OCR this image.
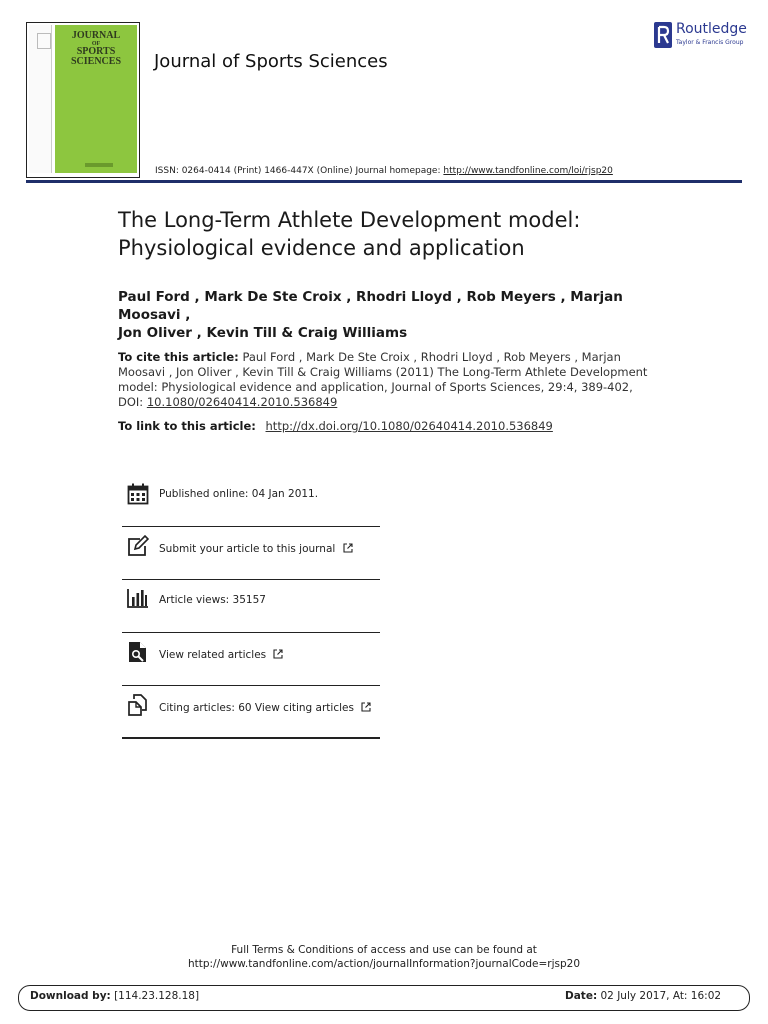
JOURNAL
OF
SPORTS
SCIENCES	Journal of Sports Sciences
ISSN: 0264-0414 (Print) 1466-447X (Online) Journal homepage: http://www.tandfonline.com/loi/rjsp20
Routledge
Taylor & Francis Group
The Long-Term Athlete Development model:
Physiological evidence and application
Paul Ford , Mark De Ste Croix , Rhodri Lloyd , Rob Meyers , Marjan Moosavi ,
Jon Oliver , Kevin Till & Craig Williams
To cite this article: Paul Ford , Mark De Ste Croix , Rhodri Lloyd , Rob Meyers , Marjan Moosavi , Jon Oliver , Kevin Till & Craig Williams (2011) The Long-Term Athlete Development model: Physiological evidence and application, Journal of Sports Sciences, 29:4, 389-402, DOI: 10.1080/02640414.2010.536849
To link to this article: http://dx.doi.org/10.1080/02640414.2010.536849
Published online: 04 Jan 2011.
Submit your article to this journal
Article views: 35157
View related articles
Citing articles: 60 View citing articles
Full Terms & Conditions of access and use can be found at
http://www.tandfonline.com/action/journalInformation?journalCode=rjsp20
Download by: [114.23.128.18]	Date: 02 July 2017, At: 16:02
